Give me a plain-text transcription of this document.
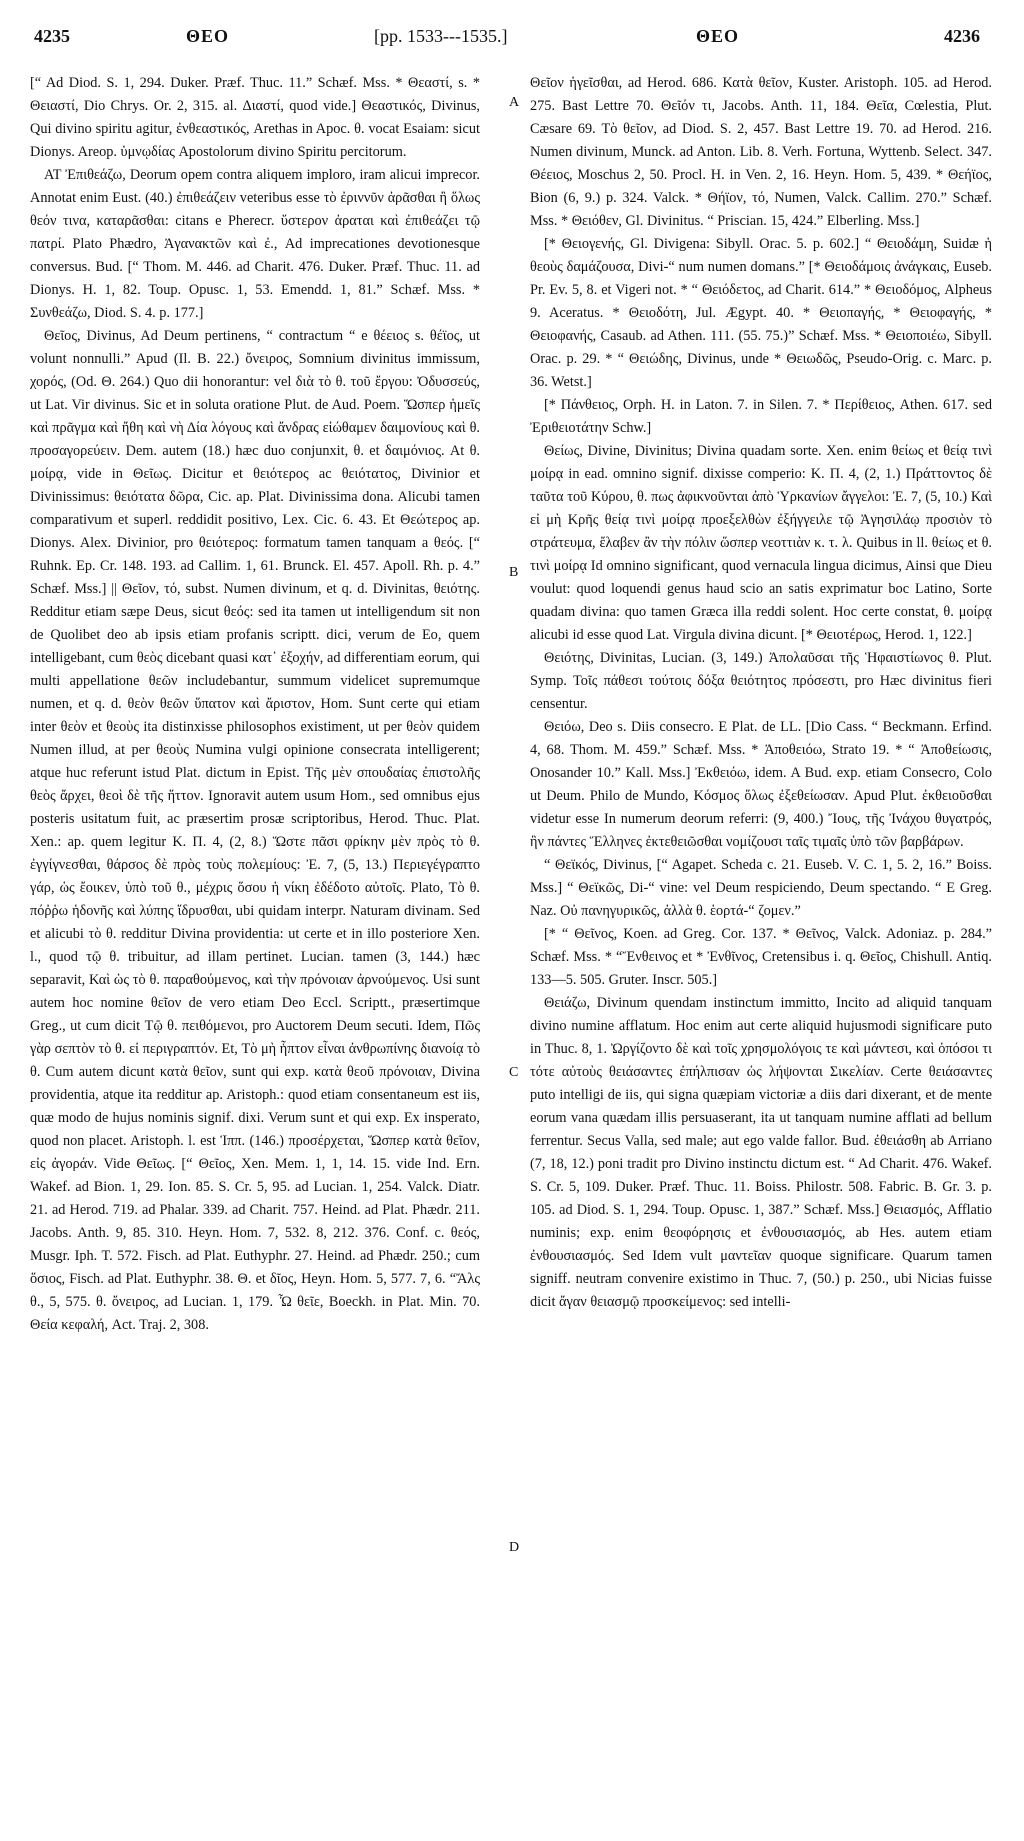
4235	ΘΕΟ	[pp. 1533---1535.]	ΘΕΟ	4236
A
B
C
D

[“ Ad Diod. S. 1, 294. Duker. Præf. Thuc. 11.” Schæf. Mss. * Θεαστί, s. * Θειαστί, Dio Chrys. Or. 2, 315. al. Διαστί, quod vide.] Θεαστικός, Divinus, Qui divino spiritu agitur, ἐνθεαστικός, Arethas in Apoc. θ. vocat Esaiam: sicut Dionys. Areop. ὑμνῳδίας Apostolorum divino Spiritu percitorum.

ΑΤ Ἐπιθεάζω, Deorum opem contra aliquem imploro, iram alicui imprecor. Annotat enim Eust. (40.) ἐπιθεάζειν veteribus esse τὸ ἐριννῦν ἀρᾶσθαι ἢ ὅλως θεόν τινα, καταρᾶσθαι: citans e Pherecr. ὕστερον ἀραται καὶ ἐπιθεάζει τῷ πατρί. Plato Phædro, Ἀγανακτῶν καὶ ἐ., Ad imprecationes devotionesque conversus. Bud. [“ Thom. M. 446. ad Charit. 476. Duker. Præf. Thuc. 11. ad Dionys. H. 1, 82. Toup. Opusc. 1, 53. Emendd. 1, 81.” Schæf. Mss. * Συνθεάζω, Diod. S. 4. p. 177.]

Θεῖος, Divinus, Ad Deum pertinens, “ contractum “ e θέειος s. θέϊος, ut volunt nonnulli.” Apud (Il. B. 22.) ὄνειρος, Somnium divinitus immissum, χορός, (Od. Θ. 264.) Quo dii honorantur: vel διὰ τὸ θ. τοῦ ἔργου: Ὀδυσσεύς, ut Lat. Vir divinus. Sic et in soluta oratione Plut. de Aud. Poem. Ὥσπερ ἡμεῖς καὶ πρᾶγμα καὶ ἤθη καὶ νὴ Δία λόγους καὶ ἄνδρας εἰώθαμεν δαιμονίους καὶ θ. προσαγορεύειν. Dem. autem (18.) hæc duo conjunxit, θ. et δαιμόνιος. At θ. μοίρᾳ, vide in Θεῖως. Dicitur et θειότερος ac θειότατος, Divinior et Divinissimus: θειότατα δῶρα, Cic. ap. Plat. Divinissima dona. Alicubi tamen comparativum et superl. reddidit positivo, Lex. Cic. 6. 43. Et Θεώτερος ap. Dionys. Alex. Divinior, pro θειότερος: formatum tamen tanquam a θεός. [“ Ruhnk. Ep. Cr. 148. 193. ad Callim. 1, 61. Brunck. El. 457. Apoll. Rh. p. 4.” Schæf. Mss.] || Θεῖον, τό, subst. Numen divinum, et q. d. Divinitas, θειότης. Redditur etiam sæpe Deus, sicut θεός: sed ita tamen ut intelligendum sit non de Quolibet deo ab ipsis etiam profanis scriptt. dici, verum de Eo, quem intelligebant, cum θεὸς dicebant quasi κατ᾽ ἐξοχήν, ad differentiam eorum, qui multi appellatione θεῶν includebantur, summum videlicet supremumque numen, et q. d. θεὸν θεῶν ὕπατον καὶ ἄριστον, Hom. Sunt certe qui etiam inter θεὸν et θεοὺς ita distinxisse philosophos existiment, ut per θεὸν quidem Numen illud, at per θεοὺς Numina vulgi opinione consecrata intelligerent; atque huc referunt istud Plat. dictum in Epist. Τῆς μὲν σπουδαίας ἐπιστολῆς θεὸς ἄρχει, θεοὶ δὲ τῆς ἥττον. Ignoravit autem usum Hom., sed omnibus ejus posteris usitatum fuit, ac præsertim prosæ scriptoribus, Herod. Thuc. Plat. Xen.: ap. quem legitur K. Π. 4, (2, 8.) Ὥστε πᾶσι φρίκην μὲν πρὸς τὸ θ. ἐγγίγνεσθαι, θάρσος δὲ πρὸς τοὺς πολεμίους: Ἐ. 7, (5, 13.) Περιεγέγραπτο γάρ, ὡς ἔοικεν, ὑπὸ τοῦ θ., μέχρις ὅσου ἡ νίκη ἐδέδοτο αὐτοῖς. Plato, Τὸ θ. πόῤῥω ἡδονῆς καὶ λύπης ἵδρυσθαι, ubi quidam interpr. Naturam divinam. Sed et alicubi τὸ θ. redditur Divina providentia: ut certe et in illo posteriore Xen. l., quod τῷ θ. tribuitur, ad illam pertinet. Lucian. tamen (3, 144.) hæc separavit, Καὶ ὡς τὸ θ. παραθούμενος, καὶ τὴν πρόνοιαν ἀρνούμενος. Usi sunt autem hoc nomine θεῖον de vero etiam Deo Eccl. Scriptt., præsertimque Greg., ut cum dicit Τῷ θ. πειθόμενοι, pro Auctorem Deum secuti. Idem, Πῶς γὰρ σεπτὸν τὸ θ. εἰ περιγραπτόν. Et, Τὸ μὴ ἧπτον εἶναι ἀνθρωπίνης διανοίᾳ τὸ θ. Cum autem dicunt κατὰ θεῖον, sunt qui exp. κατὰ θεοῦ πρόνοιαν, Divina providentia, atque ita redditur ap. Aristoph.: quod etiam consentaneum est iis, quæ modo de hujus nominis signif. dixi. Verum sunt et qui exp. Ex insperato, quod non placet. Aristoph. l. est Ἱππ. (146.) προσέρχεται, Ὥσπερ κατὰ θεῖον, εἰς ἀγοράν. Vide Θεῖως. [“ Θεῖος, Xen. Mem. 1, 1, 14. 15. vide Ind. Ern. Wakef. ad Bion. 1, 29. Ion. 85. S. Cr. 5, 95. ad Lucian. 1, 254. Valck. Diatr. 21. ad Herod. 719. ad Phalar. 339. ad Charit. 757. Heind. ad Plat. Phædr. 211. Jacobs. Anth. 9, 85. 310. Heyn. Hom. 7, 532. 8, 212. 376. Conf. c. θεός, Musgr. Iph. T. 572. Fisch. ad Plat. Euthyphr. 27. Heind. ad Phædr. 250.; cum ὅσιος, Fisch. ad Plat. Euthyphr. 38. Θ. et δῖος, Heyn. Hom. 5, 577. 7, 6. “Ἄλς θ., 5, 575. θ. ὄνειρος, ad Lucian. 1, 179. Ὦ θεῖε, Boeckh. in Plat. Min. 70. Θεία κεφαλή, Act. Traj. 2, 308.

Θεῖον ἡγεῖσθαι, ad Herod. 686. Κατὰ θεῖον, Kuster. Aristoph. 105. ad Herod. 275. Bast Lettre 70. Θεῖόν τι, Jacobs. Anth. 11, 184. Θεῖα, Cœlestia, Plut. Cæsare 69. Τὸ θεῖον, ad Diod. S. 2, 457. Bast Lettre 19. 70. ad Herod. 216. Numen divinum, Munck. ad Anton. Lib. 8. Verh. Fortuna, Wyttenb. Select. 347. Θέειος, Moschus 2, 50. Procl. H. in Ven. 2, 16. Heyn. Hom. 5, 439. * Θεήϊος, Bion (6, 9.) p. 324. Valck. * Θήϊον, τό, Numen, Valck. Callim. 270.” Schæf. Mss. * Θειόθεν, Gl. Divinitus. “ Priscian. 15, 424.” Elberling. Mss.]

[* Θειογενής, Gl. Divigena: Sibyll. Orac. 5. p. 602.] “ Θειοδάμη, Suidæ ἡ θεοὺς δαμάζουσα, Divi-“ num numen domans.” [* Θειοδάμοις ἀνάγκαις, Euseb. Pr. Ev. 5, 8. et Vigeri not. * “ Θειόδετος, ad Charit. 614.” * Θειοδόμος, Alpheus 9. Aceratus. * Θειοδότη, Jul. Ægypt. 40. * Θειοπαγής, * Θειοφαγής, * Θειοφανής, Casaub. ad Athen. 111. (55. 75.)” Schæf. Mss. * Θειοποιέω, Sibyll. Orac. p. 29. * “ Θειώδης, Divinus, unde * Θειωδῶς, Pseudo-Orig. c. Marc. p. 36. Wetst.]

[* Πάνθειος, Orph. H. in Laton. 7. in Silen. 7. * Περίθειος, Athen. 617. sed Ἐριθειοτάτην Schw.]

Θείως, Divine, Divinitus; Divina quadam sorte. Xen. enim θείως et θείᾳ τινὶ μοίρᾳ in ead. omnino signif. dixisse comperio: K. Π. 4, (2, 1.) Πράττοντος δὲ ταῦτα τοῦ Κύρου, θ. πως ἀφικνοῦνται ἀπὸ Ὑρκανίων ἄγγελοι: Ἐ. 7, (5, 10.) Καὶ εἰ μὴ Κρῆς θείᾳ τινὶ μοίρᾳ προεξελθὼν ἐξήγγειλε τῷ Ἀγησιλάῳ προσιὸν τὸ στράτευμα, ἔλαβεν ἂν τὴν πόλιν ὥσπερ νεοττιὰν κ. τ. λ. Quibus in ll. θείως et θ. τινὶ μοίρᾳ Id omnino significant, quod vernacula lingua dicimus, Ainsi que Dieu voulut: quod loquendi genus haud scio an satis exprimatur boc Latino, Sorte quadam divina: quo tamen Græca illa reddi solent. Hoc certe constat, θ. μοίρᾳ alicubi id esse quod Lat. Virgula divina dicunt. [* Θειοτέρως, Herod. 1, 122.]

Θειότης, Divinitas, Lucian. (3, 149.) Ἀπολαῦσαι τῆς Ἡφαιστίωνος θ. Plut. Symp. Τοῖς πάθεσι τούτοις δόξα θειότητος πρόσεστι, pro Hæc divinitus fieri censentur.

Θειόω, Deo s. Diis consecro. E Plat. de LL. [Dio Cass. “ Beckmann. Erfind. 4, 68. Thom. M. 459.” Schæf. Mss. * Ἀποθειόω, Strato 19. * “ Ἀποθείωσις, Onosander 10.” Kall. Mss.] Ἐκθειόω, idem. A Bud. exp. etiam Consecro, Colo ut Deum. Philo de Mundo, Κόσμος ὅλως ἐξεθείωσαν. Apud Plut. ἐκθειοῦσθαι videtur esse In numerum deorum referri: (9, 400.) Ἴους, τῆς Ἰνάχου θυγατρός, ἣν πάντες Ἕλληνες ἐκτεθειῶσθαι νομίζουσι ταῖς τιμαῖς ὑπὸ τῶν βαρβάρων.

“ Θεϊκός, Divinus, [“ Agapet. Scheda c. 21. Euseb. V. C. 1, 5. 2, 16.” Boiss. Mss.] “ Θεϊκῶς, Di-“ vine: vel Deum respiciendo, Deum spectando. “ E Greg. Naz. Οὐ πανηγυρικῶς, ἀλλὰ θ. ἑορτά-“ ζομεν.”

[* “ Θεῖνος, Koen. ad Greg. Cor. 137. * Θεῖνος, Valck. Adoniaz. p. 284.” Schæf. Mss. * “Ἔνθεινος et * Ἐνθῖνος, Cretensibus i. q. Θεῖος, Chishull. Antiq. 133—5. 505. Gruter. Inscr. 505.]

Θειάζω, Divinum quendam instinctum immitto, Incito ad aliquid tanquam divino numine afflatum. Hoc enim aut certe aliquid hujusmodi significare puto in Thuc. 8, 1. Ὠργίζοντο δὲ καὶ τοῖς χρησμολόγοις τε καὶ μάντεσι, καὶ ὁπόσοι τι τότε αὐτοὺς θειάσαντες ἐπήλπισαν ὡς λήψονται Σικελίαν. Certe θειάσαντες puto intelligi de iis, qui signa quæpiam victoriæ a diis dari dixerant, et de mente eorum vana quædam illis persuaserant, ita ut tanquam numine afflati ad bellum ferrentur. Secus Valla, sed male; aut ego valde fallor. Bud. ἐθειάσθη ab Arriano (7, 18, 12.) poni tradit pro Divino instinctu dictum est. “ Ad Charit. 476. Wakef. S. Cr. 5, 109. Duker. Præf. Thuc. 11. Boiss. Philostr. 508. Fabric. B. Gr. 3. p. 105. ad Diod. S. 1, 294. Toup. Opusc. 1, 387.” Schæf. Mss.] Θειασμός, Afflatio numinis; exp. enim θεοφόρησις et ἐνθουσιασμός, ab Hes. autem etiam ἐνθουσιασμός. Sed Idem vult μαντεῖαν quoque significare. Quarum tamen signiff. neutram convenire existimo in Thuc. 7, (50.) p. 250., ubi Nicias fuisse dicit ἄγαν θειασμῷ προσκείμενος: sed intelli-
